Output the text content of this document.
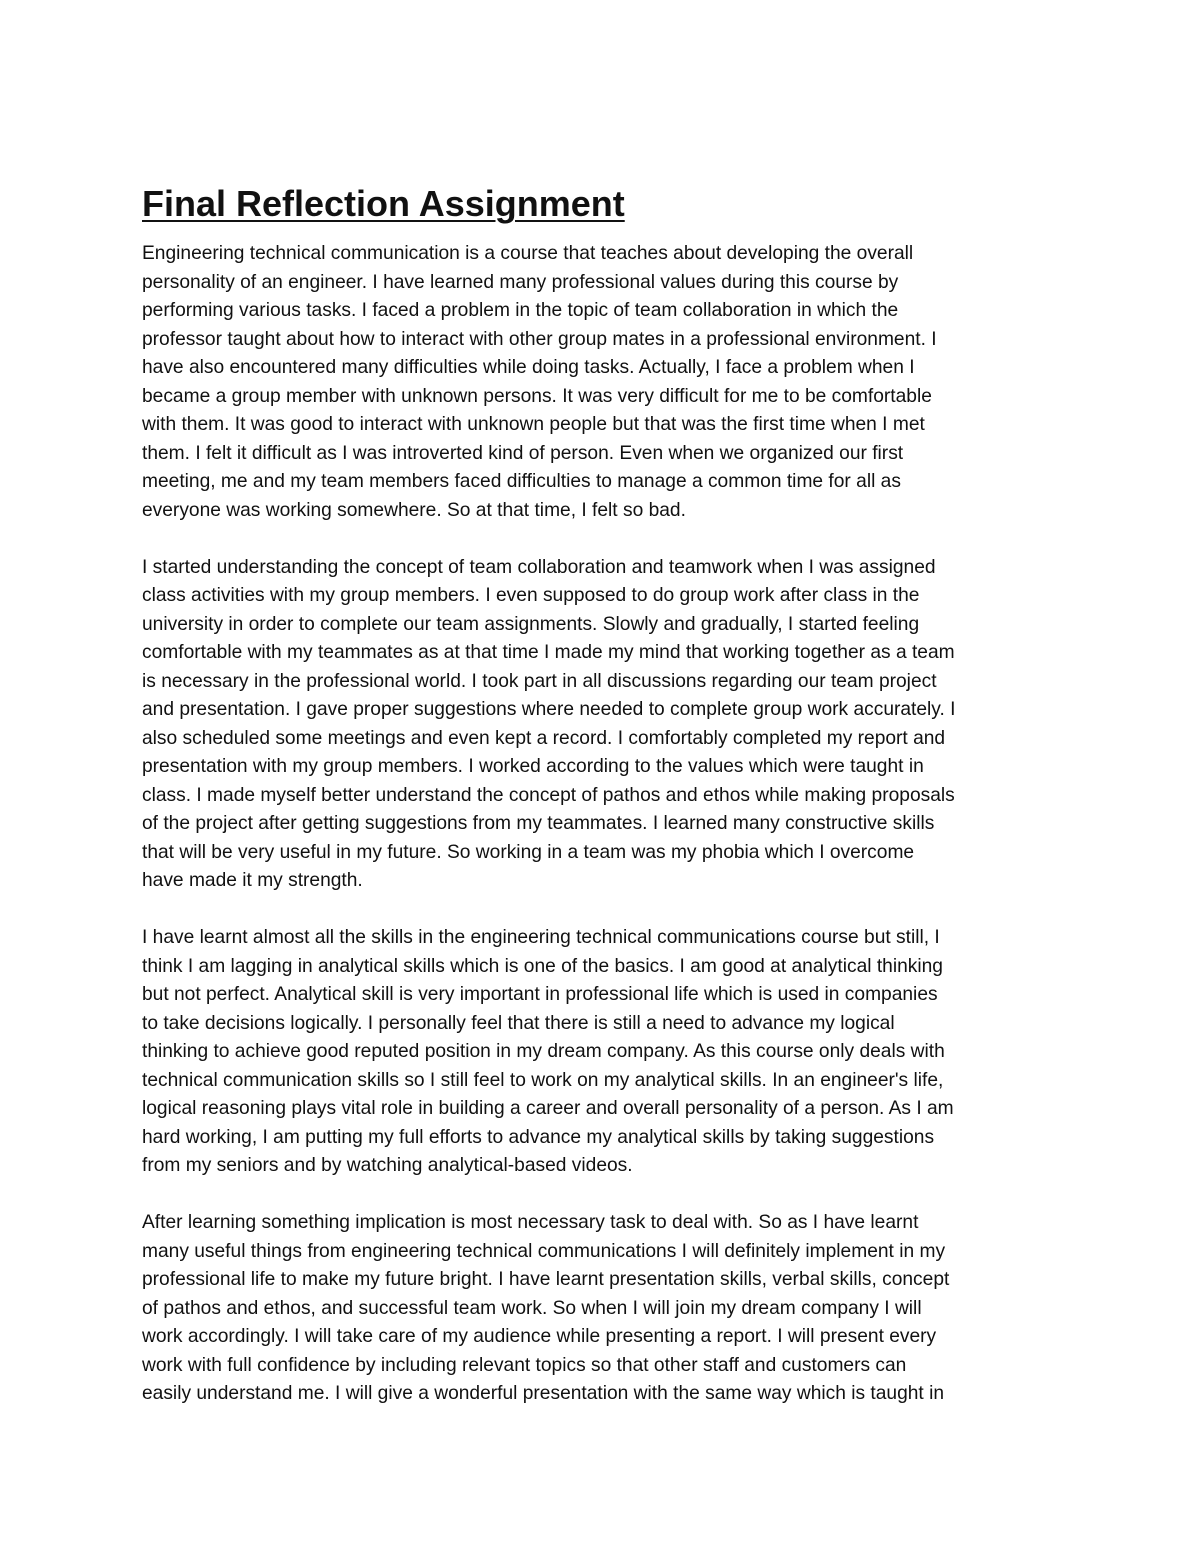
Final Reflection Assignment

Engineering technical communication is a course that teaches about developing the overall
personality of an engineer. I have learned many professional values during this course by
performing various tasks. I faced a problem in the topic of team collaboration in which the
professor taught about how to interact with other group mates in a professional environment. I
have also encountered many difficulties while doing tasks. Actually, I face a problem when I
became a group member with unknown persons. It was very difficult for me to be comfortable
with them. It was good to interact with unknown people but that was the first time when I met
them. I felt it difficult as I was introverted kind of person. Even when we organized our first
meeting, me and my team members faced difficulties to manage a common time for all as
everyone was working somewhere. So at that time, I felt so bad.

I started understanding the concept of team collaboration and teamwork when I was assigned
class activities with my group members. I even supposed to do group work after class in the
university in order to complete our team assignments. Slowly and gradually, I started feeling
comfortable with my teammates as at that time I made my mind that working together as a team
is necessary in the professional world. I took part in all discussions regarding our team project
and presentation. I gave proper suggestions where needed to complete group work accurately. I
also scheduled some meetings and even kept a record. I comfortably completed my report and
presentation with my group members. I worked according to the values which were taught in
class. I made myself better understand the concept of pathos and ethos while making proposals
of the project after getting suggestions from my teammates. I learned many constructive skills
that will be very useful in my future. So working in a team was my phobia which I overcome
have made it my strength.

I have learnt almost all the skills in the engineering technical communications course but still, I
think I am lagging in analytical skills which is one of the basics. I am good at analytical thinking
but not perfect. Analytical skill is very important in professional life which is used in companies
to take decisions logically. I personally feel that there is still a need to advance my logical
thinking to achieve good reputed position in my dream company. As this course only deals with
technical communication skills so I still feel to work on my analytical skills. In an engineer's life,
logical reasoning plays vital role in building a career and overall personality of a person. As I am
hard working, I am putting my full efforts to advance my analytical skills by taking suggestions
from my seniors and by watching analytical-based videos.

After learning something implication is most necessary task to deal with. So as I have learnt
many useful things from engineering technical communications I will definitely implement in my
professional life to make my future bright. I have learnt presentation skills, verbal skills, concept
of pathos and ethos, and successful team work. So when I will join my dream company I will
work accordingly. I will take care of my audience while presenting a report. I will present every
work with full confidence by including relevant topics so that other staff and customers can
easily understand me. I will give a wonderful presentation with the same way which is taught in
